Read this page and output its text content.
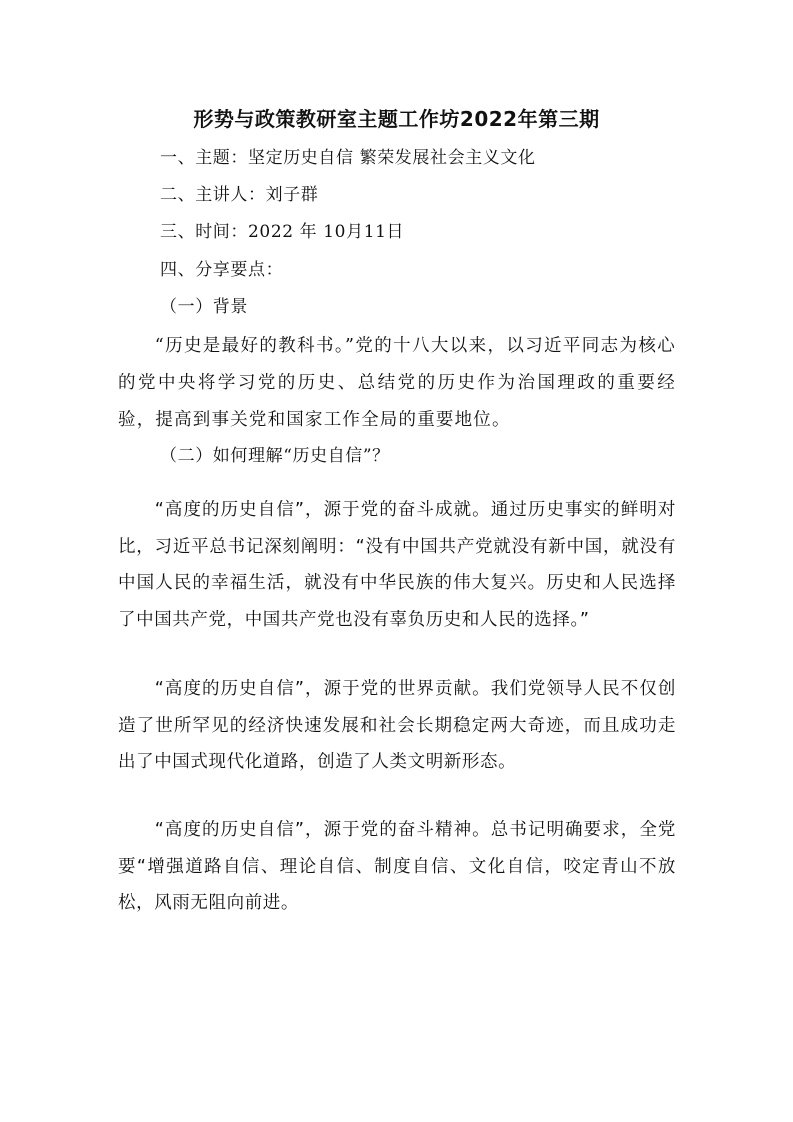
形势与政策教研室主题工作坊2022年第三期
一、主题：坚定历史自信 繁荣发展社会主义文化
二、主讲人：刘子群
三、时间：2022 年 10月11日
四、分享要点：
（一）背景

“历史是最好的教科书。”党的十八大以来，以习近平同志为核心的党中央将学习党的历史、总结党的历史作为治国理政的重要经验，提高到事关党和国家工作全局的重要地位。

（二）如何理解“历史自信”？

“高度的历史自信”，源于党的奋斗成就。通过历史事实的鲜明对比，习近平总书记深刻阐明：“没有中国共产党就没有新中国，就没有中国人民的幸福生活，就没有中华民族的伟大复兴。历史和人民选择了中国共产党，中国共产党也没有辜负历史和人民的选择。”

“高度的历史自信”，源于党的世界贡献。我们党领导人民不仅创造了世所罕见的经济快速发展和社会长期稳定两大奇迹，而且成功走出了中国式现代化道路，创造了人类文明新形态。

“高度的历史自信”，源于党的奋斗精神。总书记明确要求，全党要“增强道路自信、理论自信、制度自信、文化自信，咬定青山不放松，风雨无阻向前进。
